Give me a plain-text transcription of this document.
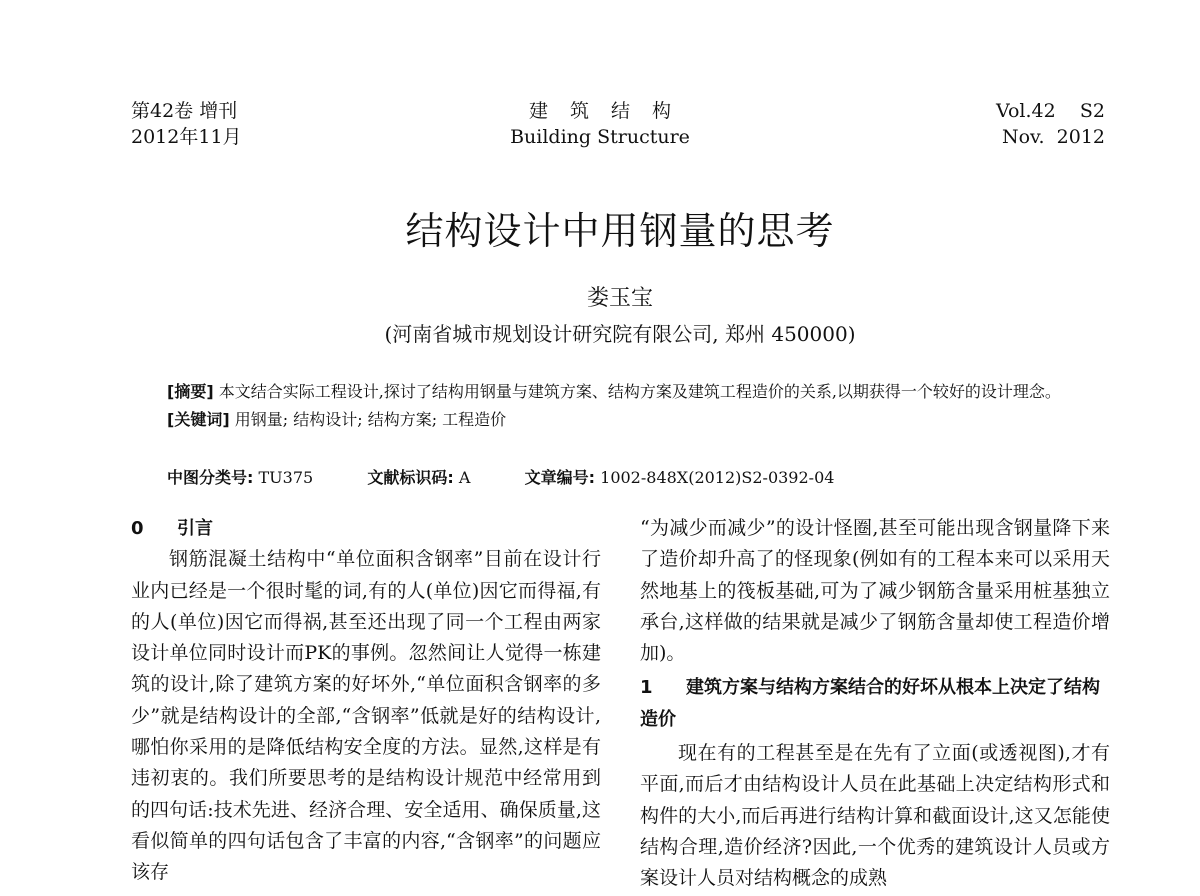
第42卷 增刊
2012年11月
建筑结构
Building Structure
Vol.42    S2
Nov.  2012
结构设计中用钢量的思考
娄玉宝
(河南省城市规划设计研究院有限公司, 郑州 450000)
[摘要] 本文结合实际工程设计,探讨了结构用钢量与建筑方案、结构方案及建筑工程造价的关系,以期获得一个较好的设计理念。
[关键词] 用钢量; 结构设计; 结构方案; 工程造价
中图分类号: TU375	文献标识码: A	文章编号: 1002-848X(2012)S2-0392-04
0 引言

钢筋混凝土结构中“单位面积含钢率”目前在设计行业内已经是一个很时髦的词,有的人(单位)因它而得福,有的人(单位)因它而得祸,甚至还出现了同一个工程由两家设计单位同时设计而PK的事例。忽然间让人觉得一栋建筑的设计,除了建筑方案的好坏外,“单位面积含钢率的多少”就是结构设计的全部,“含钢率”低就是好的结构设计,哪怕你采用的是降低结构安全度的方法。显然,这样是有违初衷的。我们所要思考的是结构设计规范中经常用到的四句话:技术先进、经济合理、安全适用、确保质量,这看似简单的四句话包含了丰富的内容,“含钢率”的问题应该存

“为减少而减少”的设计怪圈,甚至可能出现含钢量降下来了造价却升高了的怪现象(例如有的工程本来可以采用天然地基上的筏板基础,可为了减少钢筋含量采用桩基独立承台,这样做的结果就是减少了钢筋含量却使工程造价增加)。

1 建筑方案与结构方案结合的好坏从根本上决定了结构造价

现在有的工程甚至是在先有了立面(或透视图),才有平面,而后才由结构设计人员在此基础上决定结构形式和构件的大小,而后再进行结构计算和截面设计,这又怎能使结构合理,造价经济?因此,一个优秀的建筑设计人员或方案设计人员对结构概念的成熟
